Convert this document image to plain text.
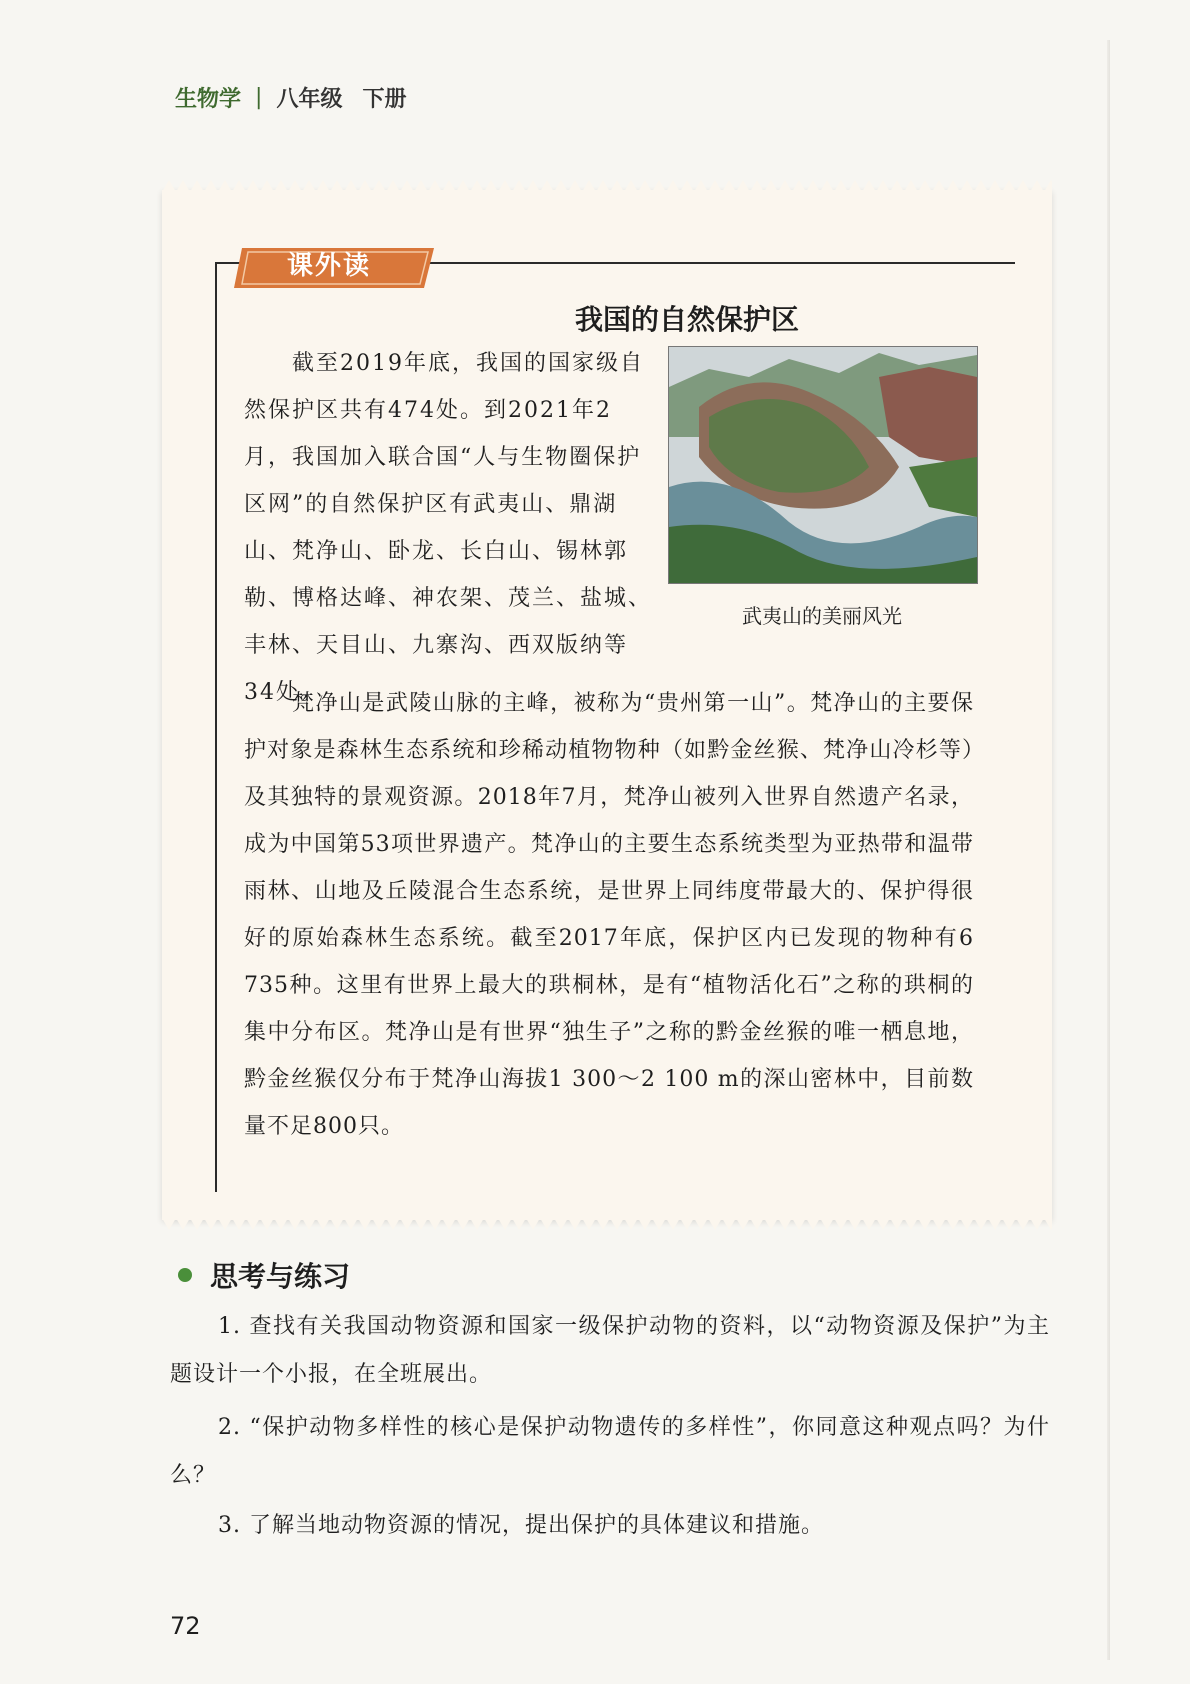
生物学 | 八年级 下册
课外读
我国的自然保护区

截至2019年底，我国的国家级自然保护区共有474处。到2021年2月，我国加入联合国“人与生物圈保护区网”的自然保护区有武夷山、鼎湖山、梵净山、卧龙、长白山、锡林郭勒、博格达峰、神农架、茂兰、盐城、丰林、天目山、九寨沟、西双版纳等34处。

武夷山的美丽风光

梵净山是武陵山脉的主峰，被称为“贵州第一山”。梵净山的主要保护对象是森林生态系统和珍稀动植物物种（如黔金丝猴、梵净山冷杉等）及其独特的景观资源。2018年7月，梵净山被列入世界自然遗产名录，成为中国第53项世界遗产。梵净山的主要生态系统类型为亚热带和温带雨林、山地及丘陵混合生态系统，是世界上同纬度带最大的、保护得很好的原始森林生态系统。截至2017年底，保护区内已发现的物种有6 735种。这里有世界上最大的珙桐林，是有“植物活化石”之称的珙桐的集中分布区。梵净山是有世界“独生子”之称的黔金丝猴的唯一栖息地，黔金丝猴仅分布于梵净山海拔1 300～2 100 m的深山密林中，目前数量不足800只。

思考与练习

1. 查找有关我国动物资源和国家一级保护动物的资料，以“动物资源及保护”为主题设计一个小报，在全班展出。

2. “保护动物多样性的核心是保护动物遗传的多样性”，你同意这种观点吗？为什么？

3. 了解当地动物资源的情况，提出保护的具体建议和措施。

72
